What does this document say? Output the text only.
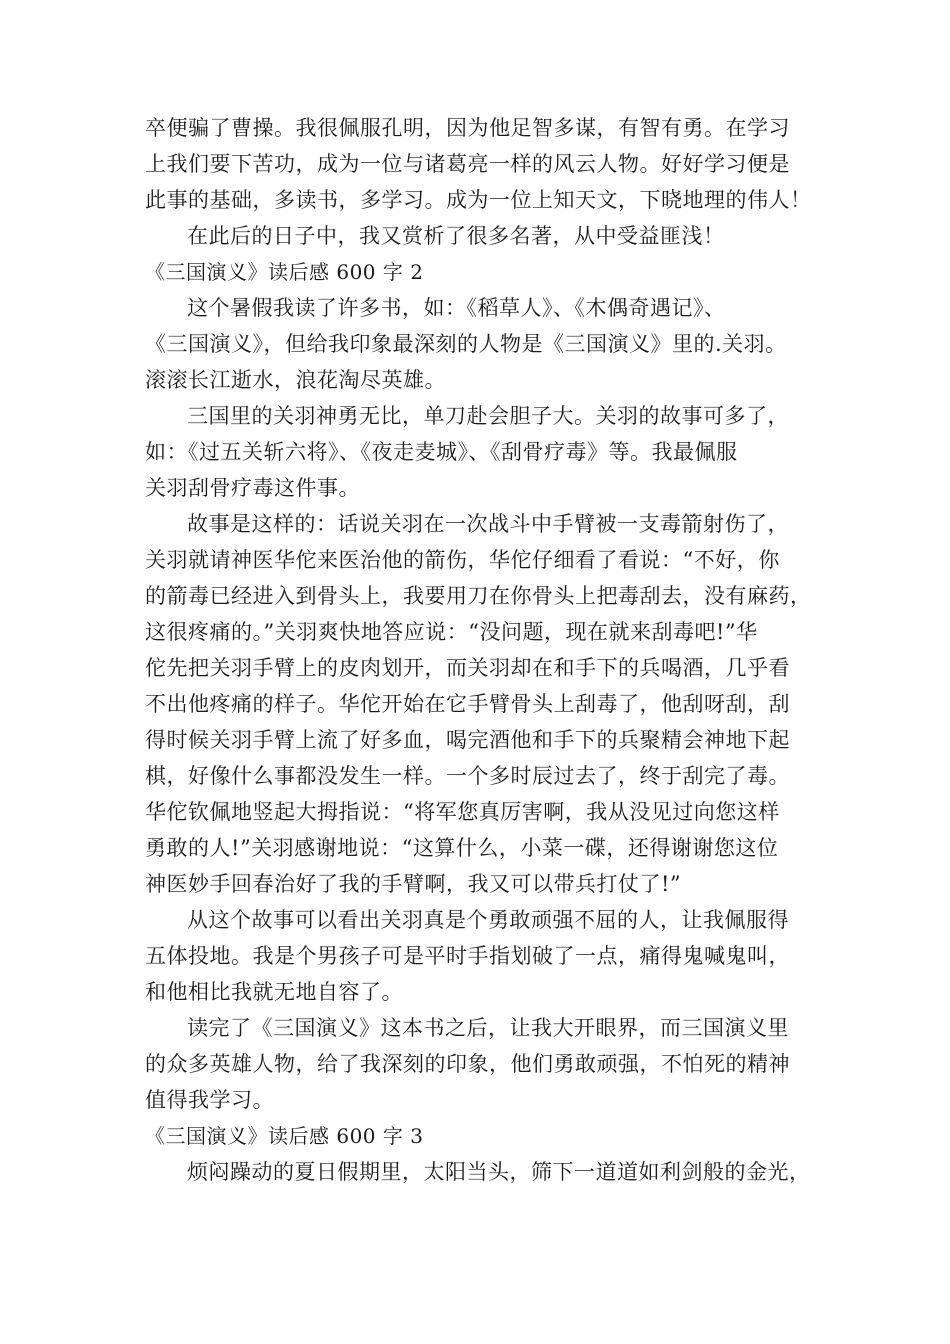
卒便骗了曹操。我很佩服孔明，因为他足智多谋，有智有勇。在学习
上我们要下苦功，成为一位与诸葛亮一样的风云人物。好好学习便是
此事的基础，多读书，多学习。成为一位上知天文，下晓地理的伟人！
在此后的日子中，我又赏析了很多名著，从中受益匪浅！
《三国演义》读后感 600 字 2
这个暑假我读了许多书，如：《稻草人》、《木偶奇遇记》、
《三国演义》，但给我印象最深刻的人物是《三国演义》里的.关羽。
滚滚长江逝水，浪花淘尽英雄。
三国里的关羽神勇无比，单刀赴会胆子大。关羽的故事可多了，
如：《过五关斩六将》、《夜走麦城》、《刮骨疗毒》等。我最佩服
关羽刮骨疗毒这件事。
故事是这样的：话说关羽在一次战斗中手臂被一支毒箭射伤了，
关羽就请神医华佗来医治他的箭伤，华佗仔细看了看说：“不好，你
的箭毒已经进入到骨头上，我要用刀在你骨头上把毒刮去，没有麻药，
这很疼痛的。”关羽爽快地答应说：“没问题，现在就来刮毒吧!”华
佗先把关羽手臂上的皮肉划开，而关羽却在和手下的兵喝酒，几乎看
不出他疼痛的样子。华佗开始在它手臂骨头上刮毒了，他刮呀刮，刮
得时候关羽手臂上流了好多血，喝完酒他和手下的兵聚精会神地下起
棋，好像什么事都没发生一样。一个多时辰过去了，终于刮完了毒。
华佗钦佩地竖起大拇指说：“将军您真厉害啊，我从没见过向您这样
勇敢的人!”关羽感谢地说：“这算什么，小菜一碟，还得谢谢您这位
神医妙手回春治好了我的手臂啊，我又可以带兵打仗了!”
从这个故事可以看出关羽真是个勇敢顽强不屈的人，让我佩服得
五体投地。我是个男孩子可是平时手指划破了一点，痛得鬼喊鬼叫，
和他相比我就无地自容了。
读完了《三国演义》这本书之后，让我大开眼界，而三国演义里
的众多英雄人物，给了我深刻的印象，他们勇敢顽强，不怕死的精神
值得我学习。
《三国演义》读后感 600 字 3
烦闷躁动的夏日假期里，太阳当头，筛下一道道如利剑般的金光，
